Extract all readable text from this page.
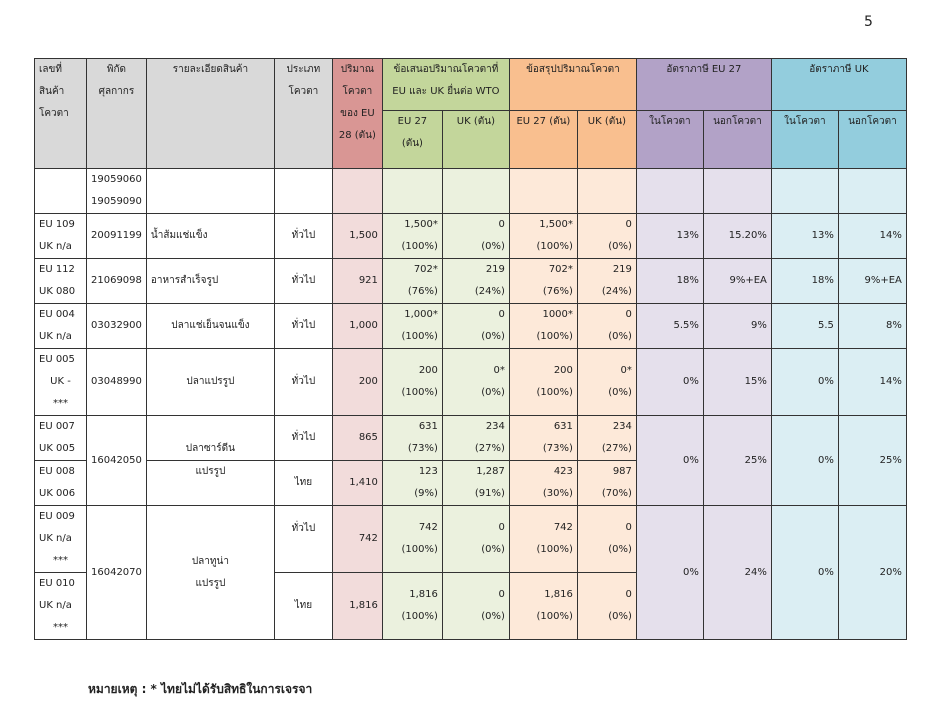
5
เลขที่ สินค้า โควตา	พิกัด ศุลกากร	รายละเอียดสินค้า	ประเภท โควตา	ปริมาณ โควตา ของ EU 28 (ตัน)	ข้อเสนอปริมาณโควตาที่ EU และ UK ยื่นต่อ WTO		ข้อสรุปปริมาณโควตา		อัตราภาษี EU 27		อัตราภาษี UK	
					EU 27 (ตัน)	UK (ตัน)	EU 27 (ตัน)	UK (ตัน)	ในโควตา	นอกโควตา	ในโควตา	นอกโควตา

	19059060
19059090											

EU 109
UK n/a	20091199	น้ำส้มแช่แข็ง	ทั่วไป	1,500	1,500*
(100%)	0
(0%)	1,500*
(100%)	0
(0%)	13%	15.20%	13%	14%

EU 112
UK 080	21069098	อาหารสำเร็จรูป	ทั่วไป	921	702*
(76%)	219
(24%)	702*
(76%)	219
(24%)	18%	9%+EA	18%	9%+EA

EU 004
UK n/a	03032900	ปลาแช่เย็นจนแข็ง	ทั่วไป	1,000	1,000*
(100%)	0
(0%)	1000*
(100%)	0
(0%)	5.5%	9%	5.5	8%

EU 005
UK -
***	03048990	ปลาแปรรูป	ทั่วไป	200	200
(100%)	0*
(0%)	200
(100%)	0*
(0%)	0%	15%	0%	14%

EU 007
UK 005	16042050	ปลาซาร์ดีน	ทั่วไป	865	631
(73%)	234
(27%)	631
(73%)	234
(27%)	0%	25%	0%	25%

EU 008
UK 006		แปรรูป	ไทย	1,410	123
(9%)	1,287
(91%)	423
(30%)	987
(70%)				

EU 009
UK n/a
***	16042070	ปลาทูน่า
แปรรูป	ทั่วไป	742	742
(100%)	0
(0%)	742
(100%)	0
(0%)	0%	24%	0%	20%

EU 010
UK n/a
***			ไทย	1,816	1,816
(100%)	0
(0%)	1,816
(100%)	0
(0%)				
หมายเหตุ : * ไทยไม่ได้รับสิทธิในการเจรจา
